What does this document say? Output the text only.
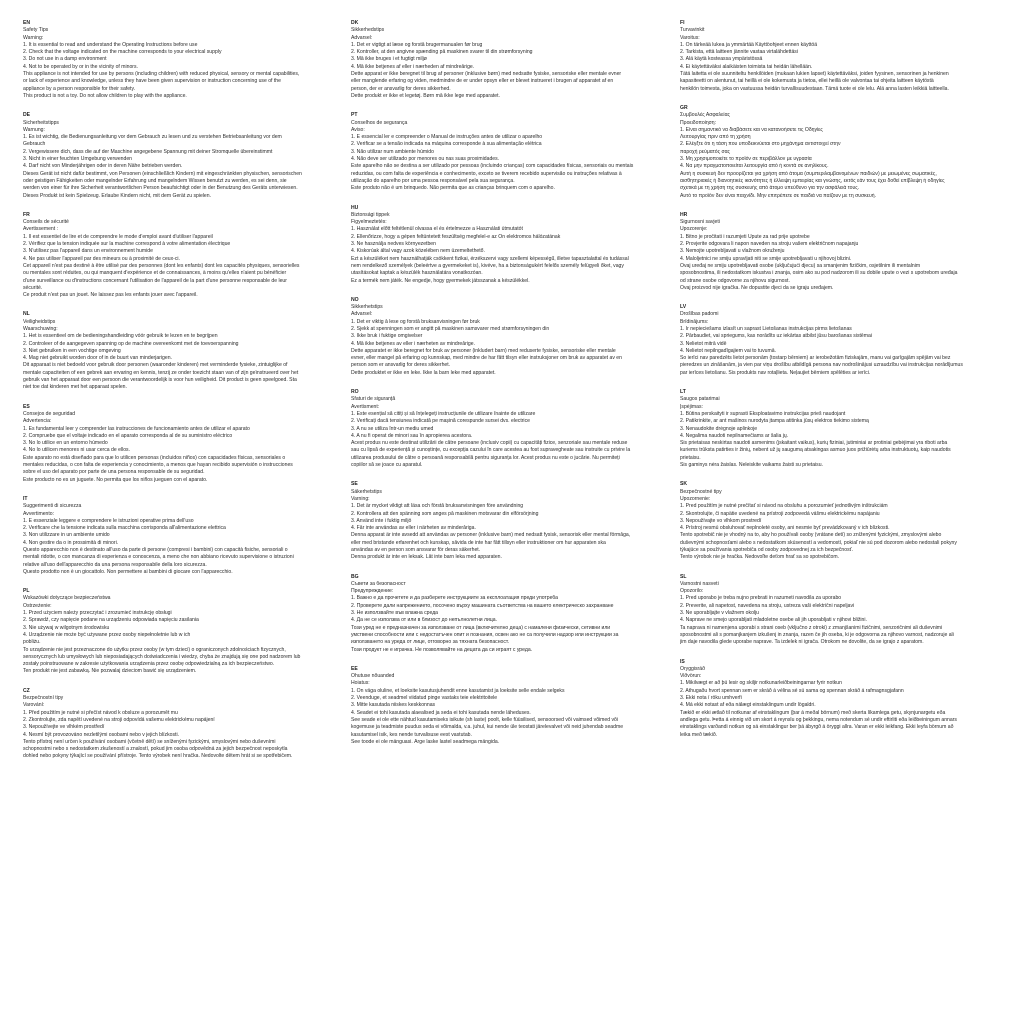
EN
Safety Tips
Warning:
1. It is essential to read and understand the Operating Instructions before use
2. Check that the voltage indicated on the machine corresponds to your electrical supply
3. Do not use in a damp environment
4. Not to be operated by or in the vicinity of minors.
This appliance is not intended for use by persons (including children) with reduced physical, sensory or mental capabilities,
or lack of experience and knowledge, unless they have been given supervision or instruction concerning use of the
appliance by a person responsible for their safety.
This product is not a toy. Do not allow children to play with the appliance.
DE
Sicherheitstipps
Warnung:
1. Es ist wichtig, die Bedienungsanleitung vor dem Gebrauch zu lesen und zu verstehen Betriebsanleitung vor dem
Gebrauch
2. Vergewissere dich, dass die auf der Maschine angegebene Spannung mit deiner Stromquelle übereinstimmt
3. Nicht in einer feuchten Umgebung verwenden
4. Darf nicht von Minderjährigen oder in deren Nähe betrieben werden.
Dieses Gerät ist nicht dafür bestimmt, von Personen (einschließlich Kindern) mit eingeschränkten physischen, sensorischen
oder geistigen Fähigkeiten oder mangelnder Erfahrung und mangelndem Wissen benutzt zu werden, es sei denn, sie
werden von einer für ihre Sicherheit verantwortlichen Person beaufsichtigt oder in der Benutzung des Geräts unterwiesen.
Dieses Produkt ist kein Spielzeug. Erlaube Kindern nicht, mit dem Gerät zu spielen.
FR
Conseils de sécurité
Avertissement :
1. Il est essentiel de lire et de comprendre le mode d'emploi avant d'utiliser l'appareil
2. Vérifiez que la tension indiquée sur la machine correspond à votre alimentation électrique
3. N'utilisez pas l'appareil dans un environnement humide
4. Ne pas utiliser l'appareil par des mineurs ou à proximité de ceux-ci.
Cet appareil n'est pas destiné à être utilisé par des personnes (dont les enfants) dont les capacités physiques, sensorielles
ou mentales sont réduites, ou qui manquent d'expérience et de connaissances, à moins qu'elles n'aient pu bénéficier
d'une surveillance ou d'instructions concernant l'utilisation de l'appareil de la part d'une personne responsable de leur
sécurité.
Ce produit n'est pas un jouet. Ne laissez pas les enfants jouer avec l'appareil.
NL
Veiligheidstips
Waarschuwing:
1. Het is essentieel om de bedieningshandleiding vóór gebruik te lezen en te begrijpen
2. Controleer of de aangegeven spanning op de machine overeenkomt met de toevoerspanning
3. Niet gebruiken in een vochtige omgeving
4. Mag niet gebruikt worden door of in de buurt van minderjarigen.
Dit apparaat is niet bedoeld voor gebruik door personen (waaronder kinderen) met verminderde fysieke, zintuiglijke of
mentale capaciteiten of een gebrek aan ervaring en kennis, tenzij ze onder toezicht staan van of zijn geïnstrueerd over het
gebruik van het apparaat door een persoon die verantwoordelijk is voor hun veiligheid. Dit product is geen speelgoed. Sta
niet toe dat kinderen met het apparaat spelen.
ES
Consejos de seguridad
Advertencia:
1. Es fundamental leer y comprender las instrucciones de funcionamiento antes de utilizar el aparato
2. Compruebe que el voltaje indicado en el aparato corresponda al de su suministro eléctrico
3. No lo utilice en un entorno húmedo
4. No lo utilicen menores ni usar cerca de ellos.
Este aparato no está diseñado para que lo utilicen personas (incluidos niños) con capacidades físicas, sensoriales o
mentales reducidas, o con falta de experiencia y conocimiento, a menos que hayan recibido supervisión o instrucciones
sobre el uso del aparato por parte de una persona responsable de su seguridad.
Este producto no es un juguete. No permita que los niños jueguen con el aparato.
IT
Suggerimenti di sicurezza
Avvertimento:
1. È essenziale leggere e comprendere le istruzioni operative prima dell'uso
2. Verificare che la tensione indicata sulla macchina corrisponda all'alimentazione elettrica
3. Non utilizzare in un ambiente umido
4. Non gestire da o in prossimità di minori.
Questo apparecchio non è destinato all'uso da parte di persone (compresi i bambini) con capacità fisiche, sensoriali o
mentali ridotte, o con mancanza di esperienza e conoscenza, a meno che non abbiano ricevuto supervisione o istruzioni
relative all'uso dell'apparecchio da una persona responsabile della loro sicurezza.
Questo prodotto non è un giocattolo. Non permettere ai bambini di giocare con l'apparecchio.
PL
Wskazówki dotyczące bezpieczeństwa
Ostrzeżenie:
1. Przed użyciem należy przeczytać i zrozumieć instrukcję obsługi
2. Sprawdź, czy napięcie podane na urządzeniu odpowiada napięciu zasilania
3. Nie używaj w wilgotnym środowisku
4. Urządzenie nie może być używane przez osoby niepełnoletnie lub w ich
pobliżu.
To urządzenie nie jest przeznaczone do użytku przez osoby (w tym dzieci) o ograniczonych zdolnościach fizycznych,
sensorycznych lub umysłowych lub nieposiadających doświadczenia i wiedzy, chyba że znajdują się one pod nadzorem lub
zostały poinstruowane w zakresie użytkowania urządzenia przez osobę odpowiedzialną za ich bezpieczeństwo.
Ten produkt nie jest zabawką. Nie pozwalaj dzieciom bawić się urządzeniem.
CZ
Bezpečnostní tipy
Varování:
1. Před použitím je nutné si přečíst návod k obsluze a porozumět mu
2. Zkontrolujte, zda napětí uvedené na stroji odpovídá vašemu elektrickému napájení
3. Nepoužívejte ve vlhkém prostředí
4. Nesmí být provozováno nezletilými osobami nebo v jejich blízkosti.
Tento přístroj není určen k používání osobami (včetně dětí) se sníženými fyzickými, smyslovými nebo duševními
schopnostmi nebo s nedostatkem zkušeností a znalostí, pokud jim osoba odpovědná za jejich bezpečnost neposkytla
dohled nebo pokyny týkající se používání přístroje. Tento výrobek není hračka. Nedovolte dětem hrát si se spotřebičem.
DK
Sikkerhedstips
Advarsel:
1. Det er vigtigt at læse og forstå brugermanualen før brug
2. Kontroller, at den angivne spænding på maskinen svarer til din strømforsyning
3. Må ikke bruges i et fugtigt miljø
4. Må ikke betjenes af eller i nærheden af mindreårige.
Dette apparat er ikke beregnet til brug af personer (inklusive børn) med nedsatte fysiske, sensoriske eller mentale evner
eller manglende erfaring og viden, medmindre de er under opsyn eller er blevet instrueret i brugen af apparatet af en
person, der er ansvarlig for deres sikkerhed.
Dette produkt er ikke et legetøj. Børn må ikke lege med apparatet.
PT
Conselhos de segurança
Aviso:
1. É essencial ler e compreender o Manual de instruções antes de utilizar o aparelho
2. Verificar se a tensão indicada na máquina corresponde à sua alimentação elétrica
3. Não utilizar num ambiente húmido
4. Não deve ser utilizado por menores ou nas suas proximidades.
Este aparelho não se destina a ser utilizado por pessoas (incluindo crianças) com capacidades físicas, sensoriais ou mentais
reduzidas, ou com falta de experiência e conhecimento, exceto se tiverem recebido supervisão ou instruções relativas à
utilização do aparelho por uma pessoa responsável pela sua segurança.
Este produto não é um brinquedo. Não permita que as crianças brinquem com o aparelho.
HU
Biztonsági tippek
Figyelmeztetés:
1. Használat előtt feltétlenül olvassa el és értelmezze a Használati útmutatót
2. Ellenőrizze, hogy a gépen feltüntetett feszültség megfelel-e az Ön elektromos hálózatának
3. Ne használja nedves környezetben
4. Kiskorúak által vagy azok közelében nem üzemeltethető.
Ezt a készüléket nem használhatják csökkent fizikai, érzékszervi vagy szellemi képességű, illetve tapasztalattal és tudással
nem rendelkező személyek (beleértve a gyermekeket is), kivéve, ha a biztonságukért felelős személy felügyeli őket, vagy
utasításokat kaptak a készülék használatára vonatkozóan.
Ez a termék nem játék. Ne engedje, hogy gyermekek játsszanak a készülékkel.
NO
Sikkerhetstips
Advarsel:
1. Det er viktig å lese og forstå bruksanvisningen før bruk
2. Sjekk at spenningen som er angitt på maskinen samsvarer med strømforsyningen din
3. Ikke bruk i fuktige omgivelser
4. Må ikke betjenes av eller i nærheten av mindreårige.
Dette apparatet er ikke beregnet for bruk av personer (inkludert barn) med reduserte fysiske, sensoriske eller mentale
evner, eller mangel på erfaring og kunnskap, med mindre de har fått tilsyn eller instruksjoner om bruk av apparatet av en
person som er ansvarlig for deres sikkerhet.
Dette produktet er ikke en leke. Ikke la barn leke med apparatet.
RO
Sfaturi de siguranță
Avertisment:
1. Este esențial să citiți și să înțelegeți instrucțiunile de utilizare înainte de utilizare
2. Verificați dacă tensiunea indicată pe mașină corespunde sursei dvs. electrice
3. A nu se utiliza într-un mediu umed
4. A nu fi operat de minori sau în apropierea acestora.
Acest produs nu este destinat utilizării de către persoane (inclusiv copii) cu capacități fizice, senzoriale sau mentale reduse
sau cu lipsă de experiență și cunoștințe, cu excepția cazului în care acestea au fost supravegheate sau instruite cu privire la
utilizarea produsului de către o persoană responsabilă pentru siguranța lor. Acest produs nu este o jucărie. Nu permiteți
copiilor să se joace cu aparatul.
SE
Säkerhetstips
Varning:
1. Det är mycket viktigt att läsa och förstå bruksanvisningen före användning
2. Kontrollera att den spänning som anges på maskinen motsvarar din elförsörjning
3. Använd inte i fuktig miljö
4. Får inte användas av eller i närheten av minderåriga.
Denna apparat är inte avsedd att användas av personer (inklusive barn) med nedsatt fysisk, sensorisk eller mental förmåga,
eller med bristande erfarenhet och kunskap, såvida de inte har fått tillsyn eller instruktioner om hur apparaten ska
användas av en person som ansvarar för deras säkerhet.
Denna produkt är inte en leksak. Låt inte barn leka med apparaten.
BG
Съвети за безопасност
Предупреждение:
1. Важно е да прочетете и да разберете инструкциите за експлоатация преди употреба
2. Проверете дали напрежението, посочено върху машината съответства на вашето електрическо захранване
3. Не използвайте във влажна среда
4. Да не се използва от или в близост до непълнолетни лица.
Този уред не е предназначен за използване от лица (включително деца) с намалени физически, сетивни или
умствени способности или с недостатъчен опит и познания, освен ако не са получили надзор или инструкции за
използването на уреда от лице, отговорно за тяхната безопасност.
Този продукт не е играчка. Не позволявайте на децата да си играят с уреда.
EE
Ohutuse nõuanded
Hoiatus:
1. On väga oluline, et loeksite kasutusjuhendit enne kasutamist ja loeksite selle endale selgeks
2. Veenduge, et seadmel viidatud pinge vastaks teie elektritoitele
3. Mitte kasutada niiskes keskkonnas
4. Seadet ei tohi kasutada alaealised ja seda ei tohi kasutada nende läheduses.
See seade ei ole ette nähtud kasutamiseks isikute (sh laste) poolt, kelle füüsilised, sensoorsed või vaimsed võimed või
kogemuse ja teadmiste puudus seda ei võimalda, v.a. juhul, kui nende üle teostati järelevalvet või neid juhendab seadme
kasutamisel isik, kes nende turvalisuse eest vastutab.
See toode ei ole mänguasi. Ärge laske lastel seadmega mängida.
FI
Turvavinkit
Varoitus:
1. On tärkeää lukea ja ymmärtää Käyttöohjeet ennen käyttöä
2. Tarkista, että laitteen jännite vastaa virtalähdettäsi
3. Älä käytä kosteassa ympäristössä
4. Ei käytettäväksi alaikäisten toimista tai heidän lähellään.
Tätä laitetta ei ole suunniteltu henkilöiden (mukaan lukien lapset) käytettäväksi, joiden fyysinen, sensorinen ja henkinen
kapasiteetti on alentunut, tai heillä ei ole kokemusta ja tietoa, ellei heillä ole valvontaa tai ohjeita laitteen käytöstä
henkilön toimesta, joka on vastuussa heidän turvallisuudestaan. Tämä tuote ei ole lelu. Älä anna lasten leikkiä laitteella.
GR
Συμβουλές Ασφαλείας
Προειδοποίηση:
1. Είναι σημαντικό να διαβάσετε και να κατανοήσετε τις Οδηγίες
Λειτουργίας πριν από τη χρήση
2. Ελέγξτε ότι η τάση που υποδεικνύεται στο μηχάνημα αντιστοιχεί στην
παροχή ρεύματός σας
3. Μη χρησιμοποιείτε το προϊόν σε περιβάλλον με υγρασία
4. Να μην πραγματοποιείται λειτουργία από ή κοντά σε ανηλίκους.
Αυτή η συσκευή δεν προορίζεται για χρήση από άτομα (συμπεριλαμβανομένων παιδιών) με μειωμένες σωματικές,
αισθητηριακές ή διανοητικές ικανότητες ή έλλειψη εμπειρίας και γνώσης, εκτός εάν τους έχει δοθεί επίβλεψη ή οδηγίες
σχετικά με τη χρήση της συσκευής από άτομο υπεύθυνο για την ασφάλειά τους.
Αυτό το προϊόν δεν είναι παιχνίδι. Μην επιτρέπετε σε παιδιά να παίζουν με τη συσκευή.
HR
Sigurnosni savjeti
Upozorenje:
1. Bitno je pročitati i razumjeti Upute za rad prije upotrebe
2. Provjerite odgovara li napon naveden na stroju vašem električnom napajanju
3. Nemojte upotrebljavati u vlažnom okruženju
4. Maloljetnici ne smiju upravljati niti se smije upotrebljavati u njihovoj blizini.
Ovaj uređaj ne smiju upotrebljavati osobe (uključujući djecu) sa smanjenim fizičkim, osjetilnim ili mentalnim
sposobnostima, ili nedostatkom iskustva i znanja, osim ako su pod nadzorom ili su dobile upute o vezi s upotrebom uređaja
od strane osobe odgovorne za njihovu sigurnost.
Ovaj proizvod nije igračka. Ne dopustite djeci da se igraju uređajem.
LV
Drošības padomi
Brīdinājums:
1. Ir nepieciešams izlasīt un saprast Lietošanas instrukcijas pirms lietošanas
2. Pārbaudiet, vai spriegums, kas norādīts uz iekārtas atbilst jūsu barošanas sistēmai
3. Nelietot mitrā vidē
4. Nelietot nepilngadīgajiem vai to tuvumā.
Šo ierīci nav paredzēts lietot personām (tostarp bērniem) ar ierobežotām fiziskajām, manu vai garīgajām spējām vai bez
pieredzes un zināšanām, ja vien par viņu drošību atbildīgā persona nav nodrošinājusi uzraudzību vai instrukcijas norādījumus
par ierīces lietošanu. Šis produkts nav rotaļlieta. Neļaujiet bērniem spēlēties ar ierīci.
LT
Saugos patarimai
Įspėjimas:
1. Būtina perskaityti ir suprasti Eksploatavimo instrukcijas prieš naudojant
2. Patikrinkite, ar ant mašinos nurodyta įtampa atitinka jūsų elektros tiekimo sistemą
3. Nenaudokite drėgnoje aplinkoje
4. Negalima naudoti nepilnamečiams ar šalia jų.
Šis prietaisas neskirtas naudoti asmenims (įskaitant vaikus), kurių fiziniai, jutiminiai ar protiniai gebėjimai yra riboti arba
kuriems trūksta patirties ir žinių, nebent už jų saugumą atsakingas asmuo juos prižiūrėtų arba instruktuotų, kaip naudotis
prietaisu.
Šis gaminys nėra žaislas. Neleiskite vaikams žaisti su prietaisu.
SK
Bezpečnostné tipy
Upozornenie:
1. Pred použitím je nutné prečítať si návod na obsluhu a porozumieť jednotlivým inštrukciám
2. Skontrolujte, či napätie uvedené na prístroji zodpovedá vášmu elektrickému napájaniu
3. Nepoužívajte vo vlhkom prostredí
4. Prístroj nesmú obsluhovať neplnoleté osoby, ani nesmie byť prevádzkovaný v ich blízkosti.
Tento spotrebič nie je vhodný na to, aby ho používali osoby (vrátane detí) so zníženými fyzickými, zmyslovými alebo
duševnými schopnosťami alebo s nedostatkom skúseností a vedomostí, pokiaľ nie sú pod dozorom alebo nedostali pokyny
týkajúce sa používania spotrebiča od osoby zodpovednej za ich bezpečnosť.
Tento výrobok nie je hračka. Nedovoľte deťom hrať sa so spotrebičom.
SL
Varnostni nasveti
Opozorilo:
1. Pred uporabo je treba nujno prebrati in razumeti navodila za uporabo
2. Preverite, ali napetost, navedena na stroju, ustreza vaši električni napeljavi
3. Ne uporabljajte v vlažnem okolju
4. Naprave ne smejo uporabljati mladoletne osebe ali jih uporabljati v njihovi bližini.
Ta naprava ni namenjena uporabi s strani oseb (vključno z otroki) z zmanjšanimi fizičnimi, senzoričnimi ali duševnimi
sposobnostmi ali s pomanjkanjem izkušenj in znanja, razen če jih oseba, ki je odgovorna za njihovo varnost, nadzoruje ali
jim daje navodila glede uporabe naprave. Ta izdelek ni igrača. Otrokom ne dovolite, da se igrajo z aparatom.
IS
Öryggisráð
Viðvörun:
1. Mikilvægt er að þú lesir og skiljir notkunarleiðbeiningarnar fyrir notkun
2. Athugaðu hvort spennan sem er skráð á vélina sé sú sama og spennan skráð á rafmagnsgjafann
3. Ekki nota í röku umhverfi
4. Má ekki notast af eða nálægt einstaklingum undir lögaldri.
Tækið er ekki ætlað til notkunar af einstaklingum (þar á meðal börnum) með skerta líkamlega getu, skynjunargetu eða
andlega getu. Þetta á einnig við um skort á reynslu og þekkingu, nema notendum sé undir eftirliti eða leiðbeiningum annars
einstaklings varðandi notkun og sá einstaklingur ber þá ábyrgð á öryggi allra. Varan er ekki leikfang. Ekki leyfa börnum að
leika með tækið.
